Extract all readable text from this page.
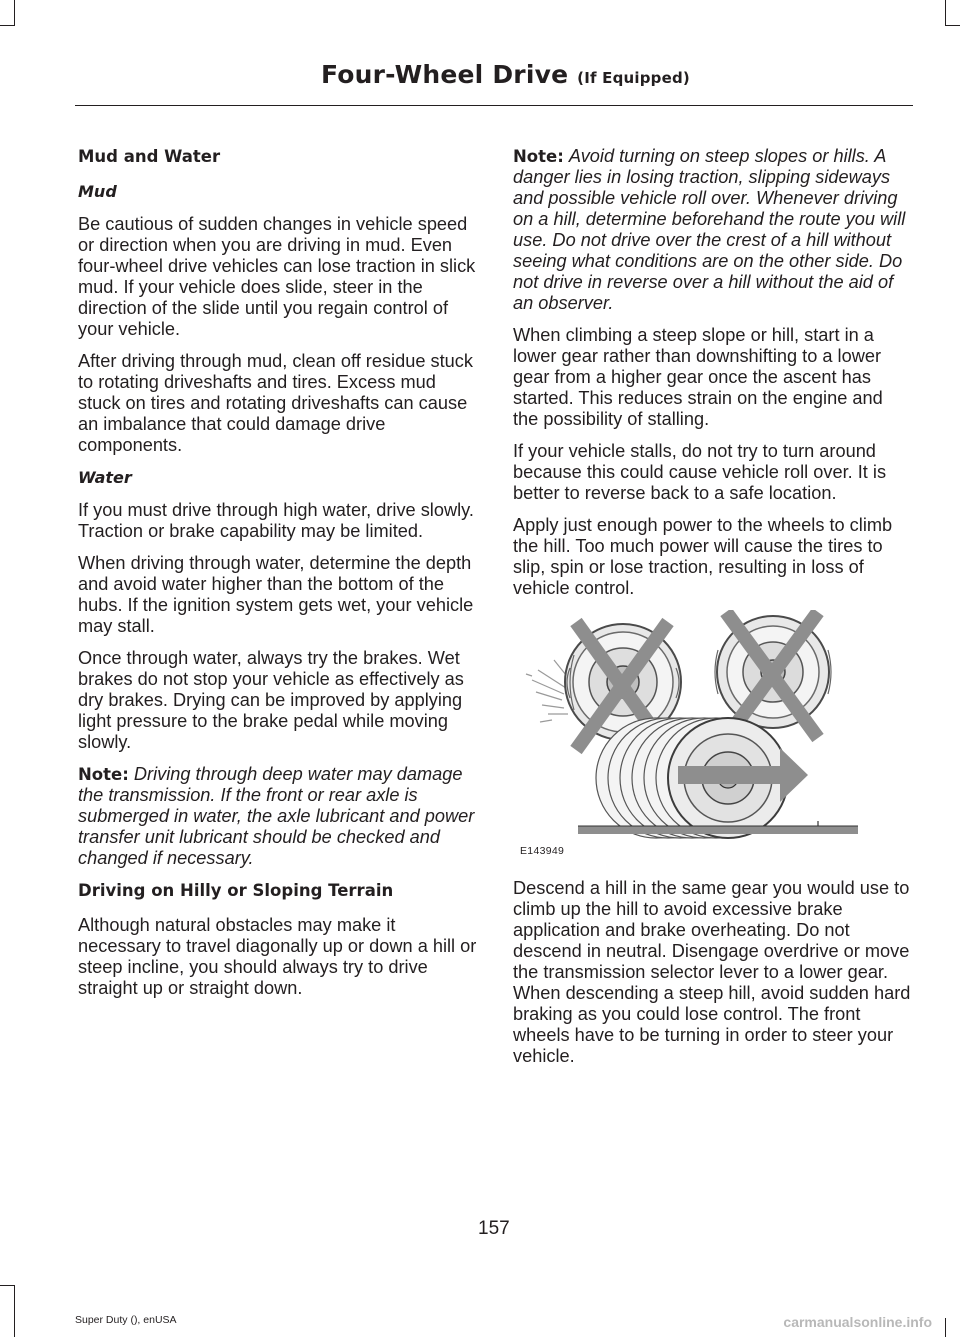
Four-Wheel Drive (If Equipped)

Mud and Water

Mud

Be cautious of sudden changes in vehicle speed or direction when you are driving in mud. Even four-wheel drive vehicles can lose traction in slick mud. If your vehicle does slide, steer in the direction of the slide until you regain control of your vehicle.

After driving through mud, clean off residue stuck to rotating driveshafts and tires. Excess mud stuck on tires and rotating driveshafts can cause an imbalance that could damage drive components.

Water

If you must drive through high water, drive slowly. Traction or brake capability may be limited.

When driving through water, determine the depth and avoid water higher than the bottom of the hubs. If the ignition system gets wet, your vehicle may stall.

Once through water, always try the brakes. Wet brakes do not stop your vehicle as effectively as dry brakes. Drying can be improved by applying light pressure to the brake pedal while moving slowly.

Note: Driving through deep water may damage the transmission. If the front or rear axle is submerged in water, the axle lubricant and power transfer unit lubricant should be checked and changed if necessary.

Driving on Hilly or Sloping Terrain

Although natural obstacles may make it necessary to travel diagonally up or down a hill or steep incline, you should always try to drive straight up or straight down.

Note: Avoid turning on steep slopes or hills. A danger lies in losing traction, slipping sideways and possible vehicle roll over. Whenever driving on a hill, determine beforehand the route you will use. Do not drive over the crest of a hill without seeing what conditions are on the other side. Do not drive in reverse over a hill without the aid of an observer.

When climbing a steep slope or hill, start in a lower gear rather than downshifting to a lower gear from a higher gear once the ascent has started. This reduces strain on the engine and the possibility of stalling.

If your vehicle stalls, do not try to turn around because this could cause vehicle roll over. It is better to reverse back to a safe location.

Apply just enough power to the wheels to climb the hill. Too much power will cause the tires to slip, spin or lose traction, resulting in loss of vehicle control.

E143949

Descend a hill in the same gear you would use to climb up the hill to avoid excessive brake application and brake overheating. Do not descend in neutral. Disengage overdrive or move the transmission selector lever to a lower gear. When descending a steep hill, avoid sudden hard braking as you could lose control. The front wheels have to be turning in order to steer your vehicle.

157
Super Duty (), enUSA	carmanualsonline.info
